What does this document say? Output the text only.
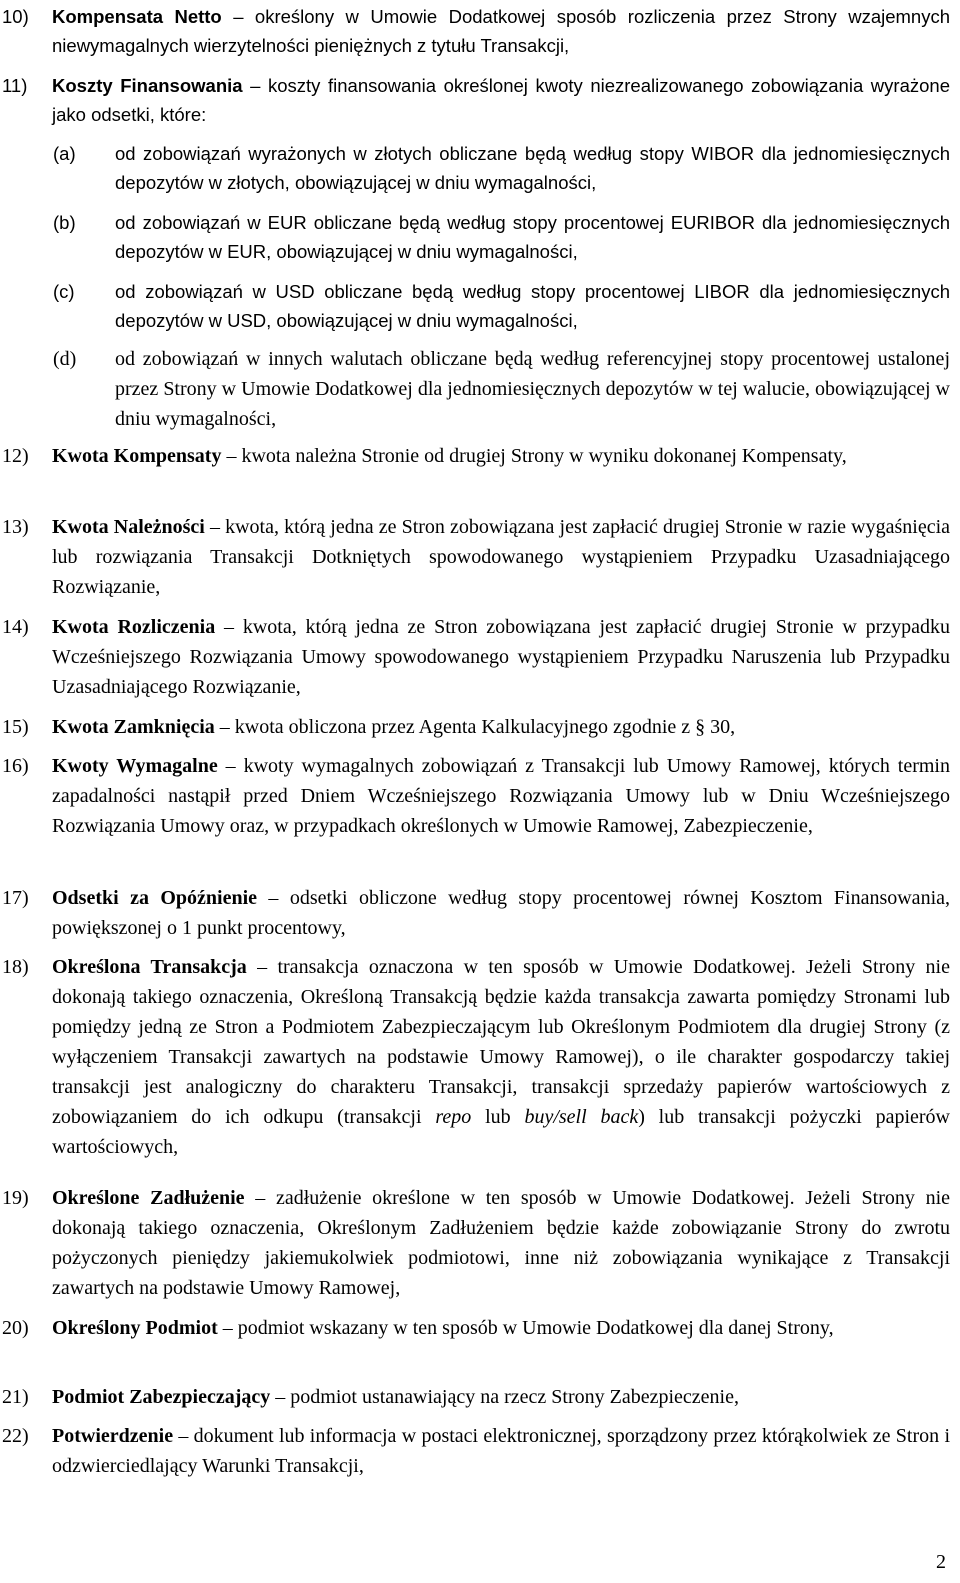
10) Kompensata Netto – określony w Umowie Dodatkowej sposób rozliczenia przez Strony wzajemnych niewymagalnych wierzytelności pieniężnych z tytułu Transakcji,
11) Koszty Finansowania – koszty finansowania określonej kwoty niezrealizowanego zobowiązania wyrażone jako odsetki, które:
(a) od zobowiązań wyrażonych w złotych obliczane będą według stopy WIBOR dla jednomiesięcznych depozytów w złotych, obowiązującej w dniu wymagalności,
(b) od zobowiązań w EUR obliczane będą według stopy procentowej EURIBOR dla jednomiesięcznych depozytów w EUR, obowiązującej w dniu wymagalności,
(c) od zobowiązań w USD obliczane będą według stopy procentowej LIBOR dla jednomiesięcznych depozytów w USD, obowiązującej w dniu wymagalności,
(d) od zobowiązań w innych walutach obliczane będą według referencyjnej stopy procentowej ustalonej przez Strony w Umowie Dodatkowej dla jednomiesięcznych depozytów w tej walucie, obowiązującej w dniu wymagalności,
12) Kwota Kompensaty – kwota należna Stronie od drugiej Strony w wyniku dokonanej Kompensaty,
13) Kwota Należności – kwota, którą jedna ze Stron zobowiązana jest zapłacić drugiej Stronie w razie wygaśnięcia lub rozwiązania Transakcji Dotkniętych spowodowanego wystąpieniem Przypadku Uzasadniającego Rozwiązanie,
14) Kwota Rozliczenia – kwota, którą jedna ze Stron zobowiązana jest zapłacić drugiej Stronie w przypadku Wcześniejszego Rozwiązania Umowy spowodowanego wystąpieniem Przypadku Naruszenia lub Przypadku Uzasadniającego Rozwiązanie,
15) Kwota Zamknięcia – kwota obliczona przez Agenta Kalkulacyjnego zgodnie z § 30,
16) Kwoty Wymagalne – kwoty wymagalnych zobowiązań z Transakcji lub Umowy Ramowej, których termin zapadalności nastąpił przed Dniem Wcześniejszego Rozwiązania Umowy lub w Dniu Wcześniejszego Rozwiązania Umowy oraz, w przypadkach określonych w Umowie Ramowej, Zabezpieczenie,
17) Odsetki za Opóźnienie – odsetki obliczone według stopy procentowej równej Kosztom Finansowania, powiększonej o 1 punkt procentowy,
18) Określona Transakcja – transakcja oznaczona w ten sposób w Umowie Dodatkowej. Jeżeli Strony nie dokonają takiego oznaczenia, Określoną Transakcją będzie każda transakcja zawarta pomiędzy Stronami lub pomiędzy jedną ze Stron a Podmiotem Zabezpieczającym lub Określonym Podmiotem dla drugiej Strony (z wyłączeniem Transakcji zawartych na podstawie Umowy Ramowej), o ile charakter gospodarczy takiej transakcji jest analogiczny do charakteru Transakcji, transakcji sprzedaży papierów wartościowych z zobowiązaniem do ich odkupu (transakcji repo lub buy/sell back) lub transakcji pożyczki papierów wartościowych,
19) Określone Zadłużenie – zadłużenie określone w ten sposób w Umowie Dodatkowej. Jeżeli Strony nie dokonają takiego oznaczenia, Określonym Zadłużeniem będzie każde zobowiązanie Strony do zwrotu pożyczonych pieniędzy jakiemukolwiek podmiotowi, inne niż zobowiązania wynikające z Transakcji zawartych na podstawie Umowy Ramowej,
20) Określony Podmiot – podmiot wskazany w ten sposób w Umowie Dodatkowej dla danej Strony,
21) Podmiot Zabezpieczający – podmiot ustanawiający na rzecz Strony Zabezpieczenie,
22) Potwierdzenie – dokument lub informacja w postaci elektronicznej, sporządzony przez którąkolwiek ze Stron i odzwierciedlający Warunki Transakcji,
2
